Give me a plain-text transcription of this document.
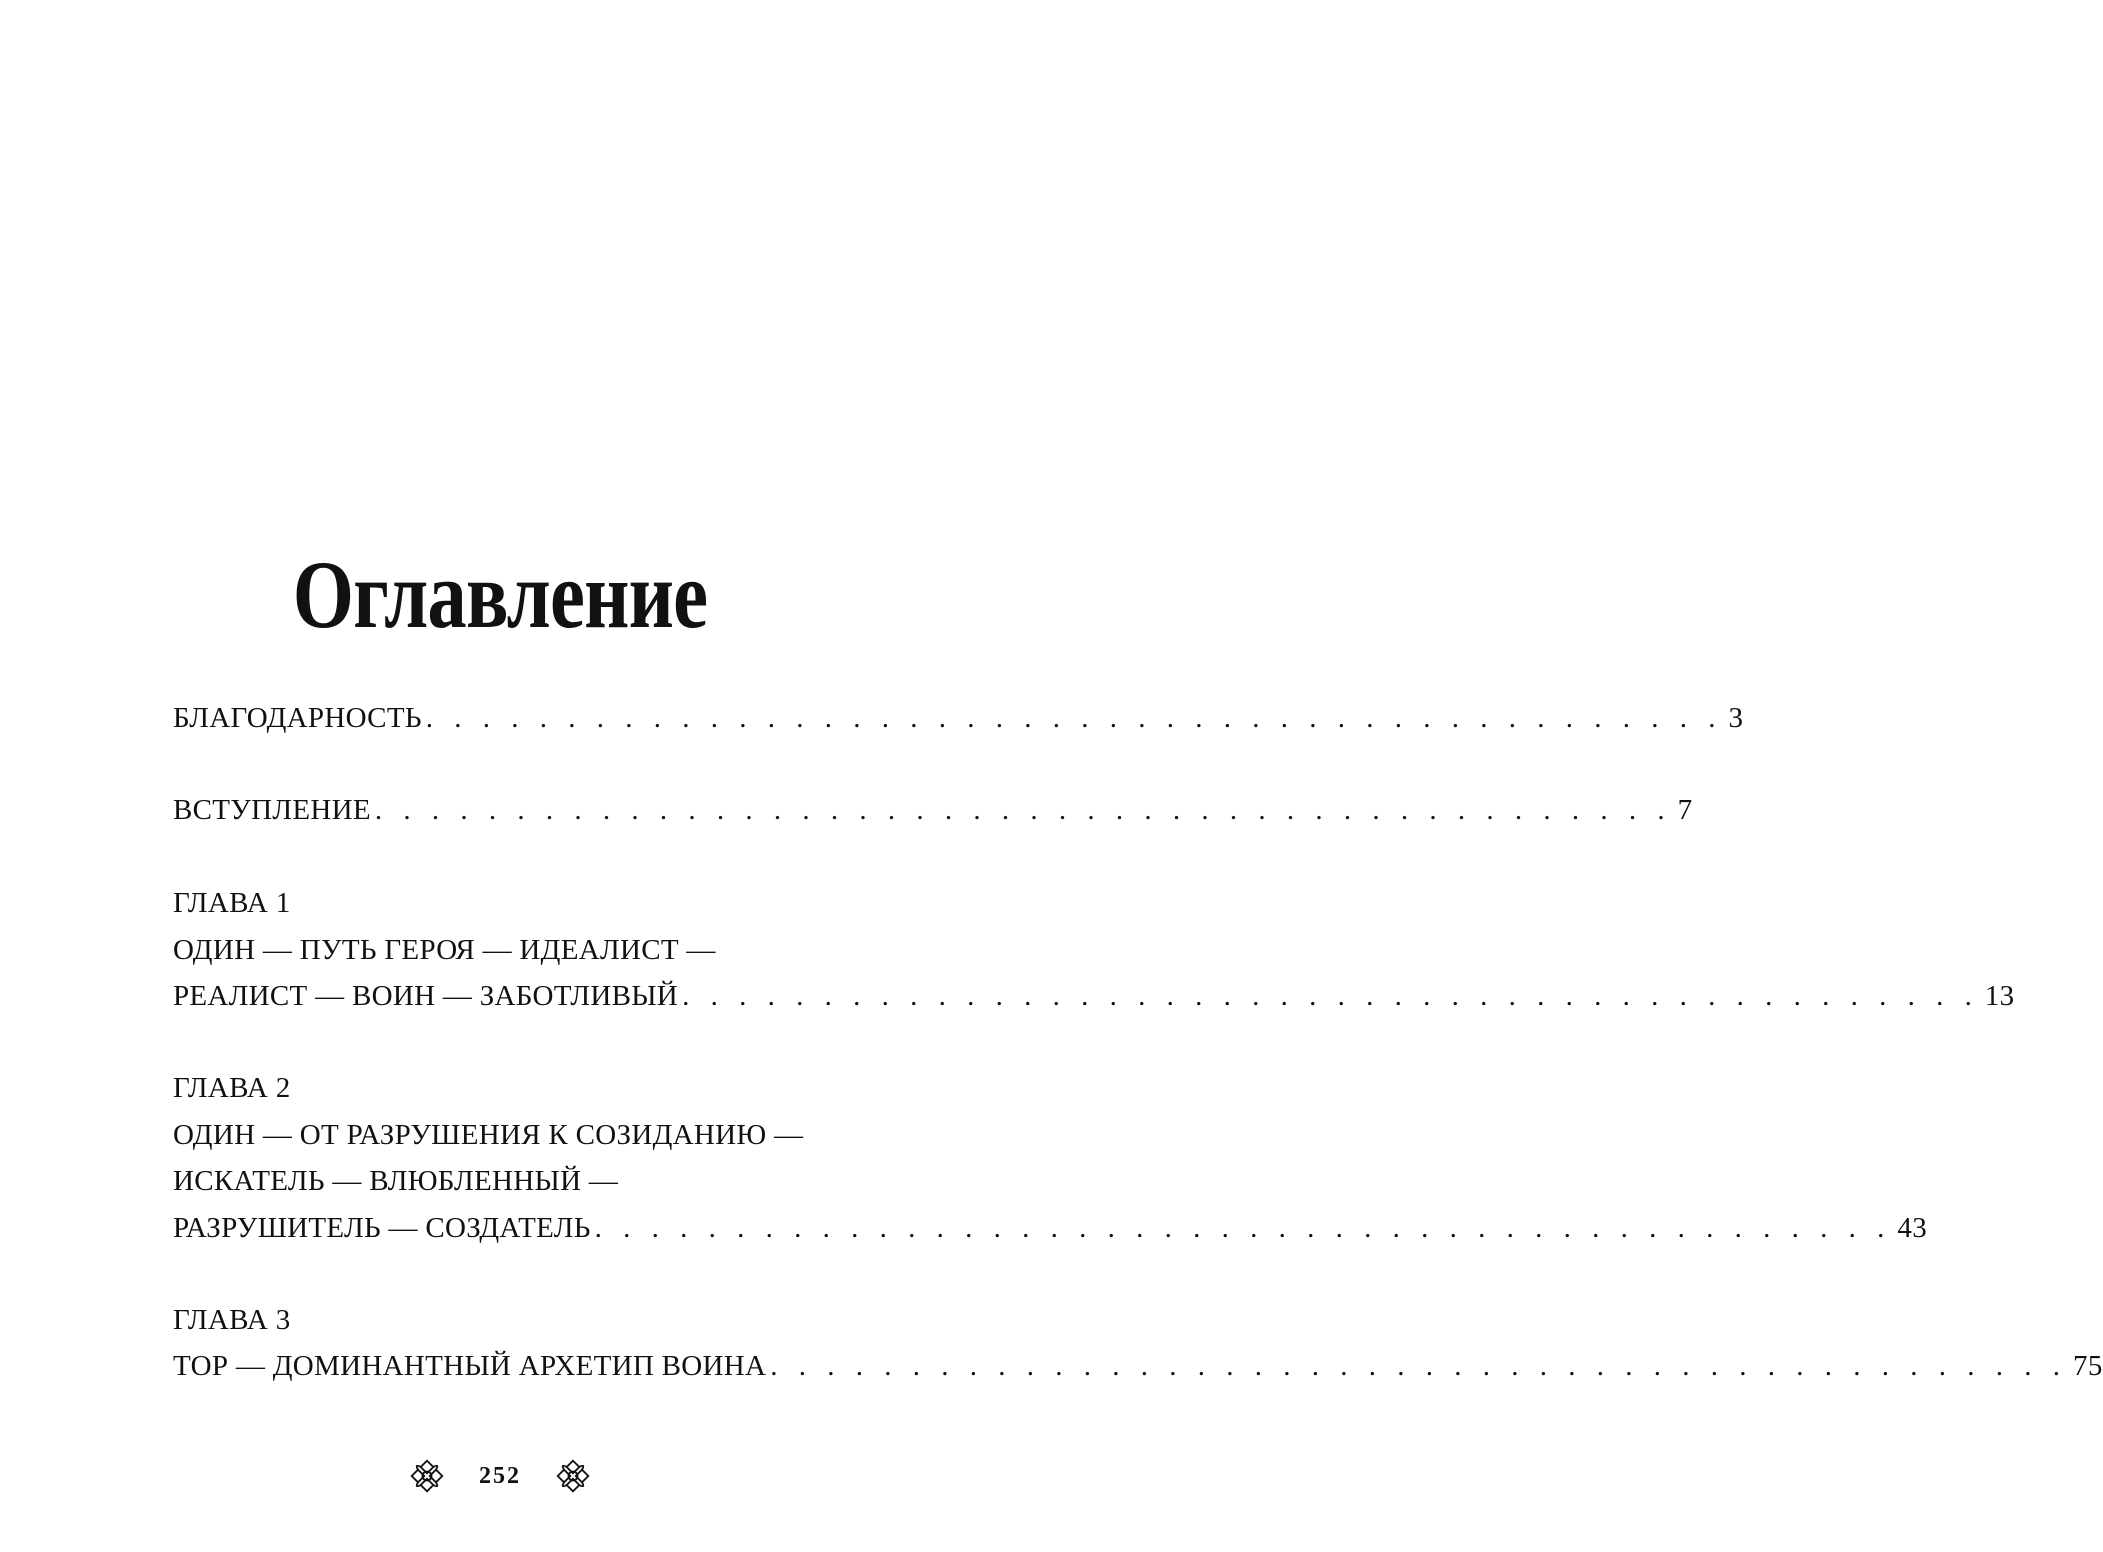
Оглавление
БЛАГОДАРНОСТЬ . . . . . . . . . . . . . . . . . . . . . . . . . . . . . . . . . . . . . . . . . . . . . . 3
ВСТУПЛЕНИЕ . . . . . . . . . . . . . . . . . . . . . . . . . . . . . . . . . . . . . . . . . . . . . . 7
ГЛАВА 1
ОДИН — ПУТЬ ГЕРОЯ — ИДЕАЛИСТ —
РЕАЛИСТ — ВОИН — ЗАБОТЛИВЫЙ . . . . . . . . . . . . . . . . . . . . . . . . . . . . . . . . . . . . . . . . . . . . . . 13
ГЛАВА 2
ОДИН — ОТ РАЗРУШЕНИЯ К СОЗИДАНИЮ —
ИСКАТЕЛЬ — ВЛЮБЛЕННЫЙ —
РАЗРУШИТЕЛЬ — СОЗДАТЕЛЬ . . . . . . . . . . . . . . . . . . . . . . . . . . . . . . . . . . . . . . . . . . . . . . 43
ГЛАВА 3
ТОР — ДОМИНАНТНЫЙ АРХЕТИП ВОИНА . . . . . . . . . . . . . . . . . . . . . . . . . . . . . . . . . . . . . . . . . . . . . . 75
252
